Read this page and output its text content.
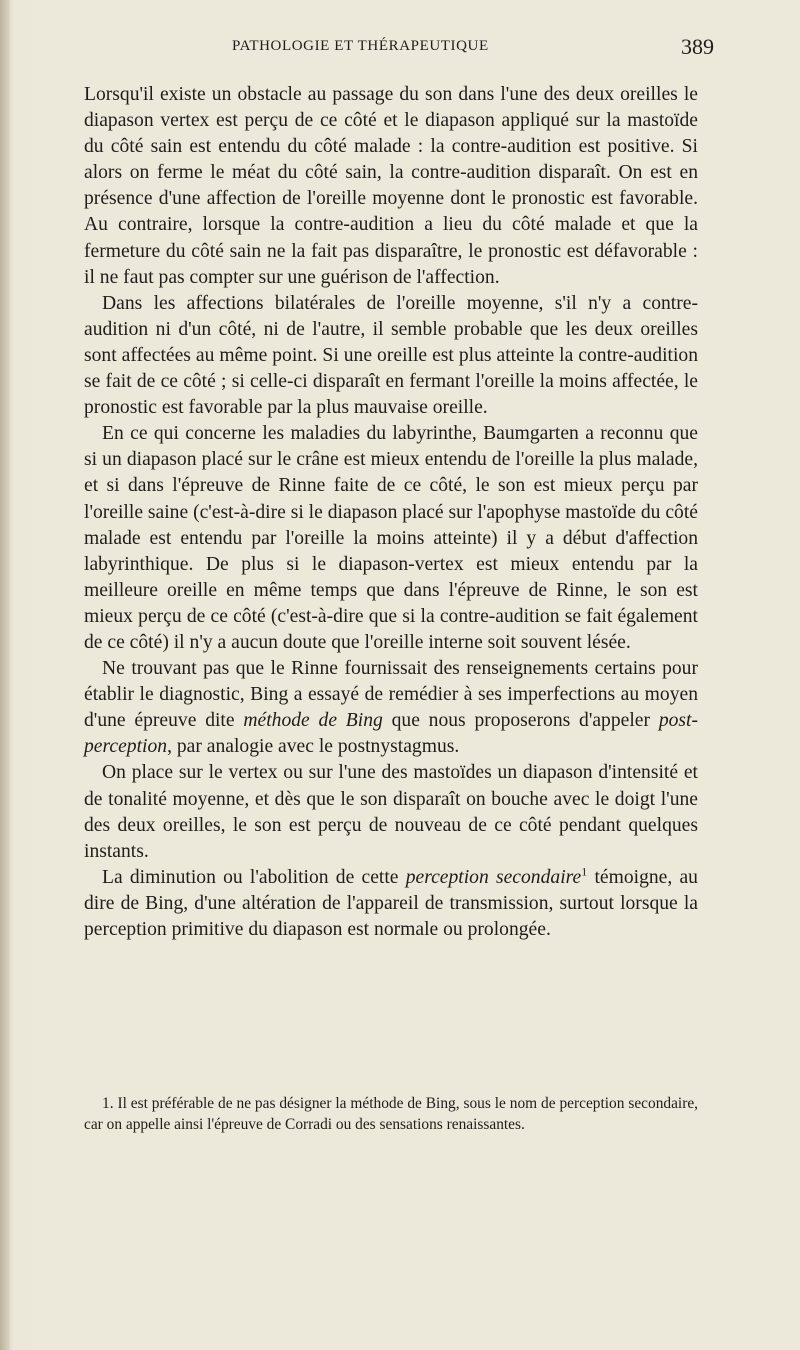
PATHOLOGIE ET THÉRAPEUTIQUE	389

Lorsqu'il existe un obstacle au passage du son dans l'une des deux oreilles le diapason vertex est perçu de ce côté et le diapason appliqué sur la mastoïde du côté sain est entendu du côté malade : la contre-audition est positive. Si alors on ferme le méat du côté sain, la contre-audition disparaît. On est en présence d'une affection de l'oreille moyenne dont le pronostic est favorable. Au contraire, lorsque la contre-audition a lieu du côté malade et que la fermeture du côté sain ne la fait pas disparaître, le pronostic est défavorable : il ne faut pas compter sur une guérison de l'affection.

Dans les affections bilatérales de l'oreille moyenne, s'il n'y a contre-audition ni d'un côté, ni de l'autre, il semble probable que les deux oreilles sont affectées au même point. Si une oreille est plus atteinte la contre-audition se fait de ce côté ; si celle-ci disparaît en fermant l'oreille la moins affectée, le pronostic est favorable par la plus mauvaise oreille.

En ce qui concerne les maladies du labyrinthe, Baumgarten a reconnu que si un diapason placé sur le crâne est mieux entendu de l'oreille la plus malade, et si dans l'épreuve de Rinne faite de ce côté, le son est mieux perçu par l'oreille saine (c'est-à-dire si le diapason placé sur l'apophyse mastoïde du côté malade est entendu par l'oreille la moins atteinte) il y a début d'affection labyrinthique. De plus si le diapason-vertex est mieux entendu par la meilleure oreille en même temps que dans l'épreuve de Rinne, le son est mieux perçu de ce côté (c'est-à-dire que si la contre-audition se fait également de ce côté) il n'y a aucun doute que l'oreille interne soit souvent lésée.

Ne trouvant pas que le Rinne fournissait des renseignements certains pour établir le diagnostic, Bing a essayé de remédier à ses imperfections au moyen d'une épreuve dite méthode de Bing que nous proposerons d'appeler post-perception, par analogie avec le postnystagmus.

On place sur le vertex ou sur l'une des mastoïdes un diapason d'intensité et de tonalité moyenne, et dès que le son disparaît on bouche avec le doigt l'une des deux oreilles, le son est perçu de nouveau de ce côté pendant quelques instants.

La diminution ou l'abolition de cette perception secondaire$^1$ témoigne, au dire de Bing, d'une altération de l'appareil de transmission, surtout lorsque la perception primitive du diapason est normale ou prolongée.

1. Il est préférable de ne pas désigner la méthode de Bing, sous le nom de perception secondaire, car on appelle ainsi l'épreuve de Corradi ou des sensations renaissantes.
